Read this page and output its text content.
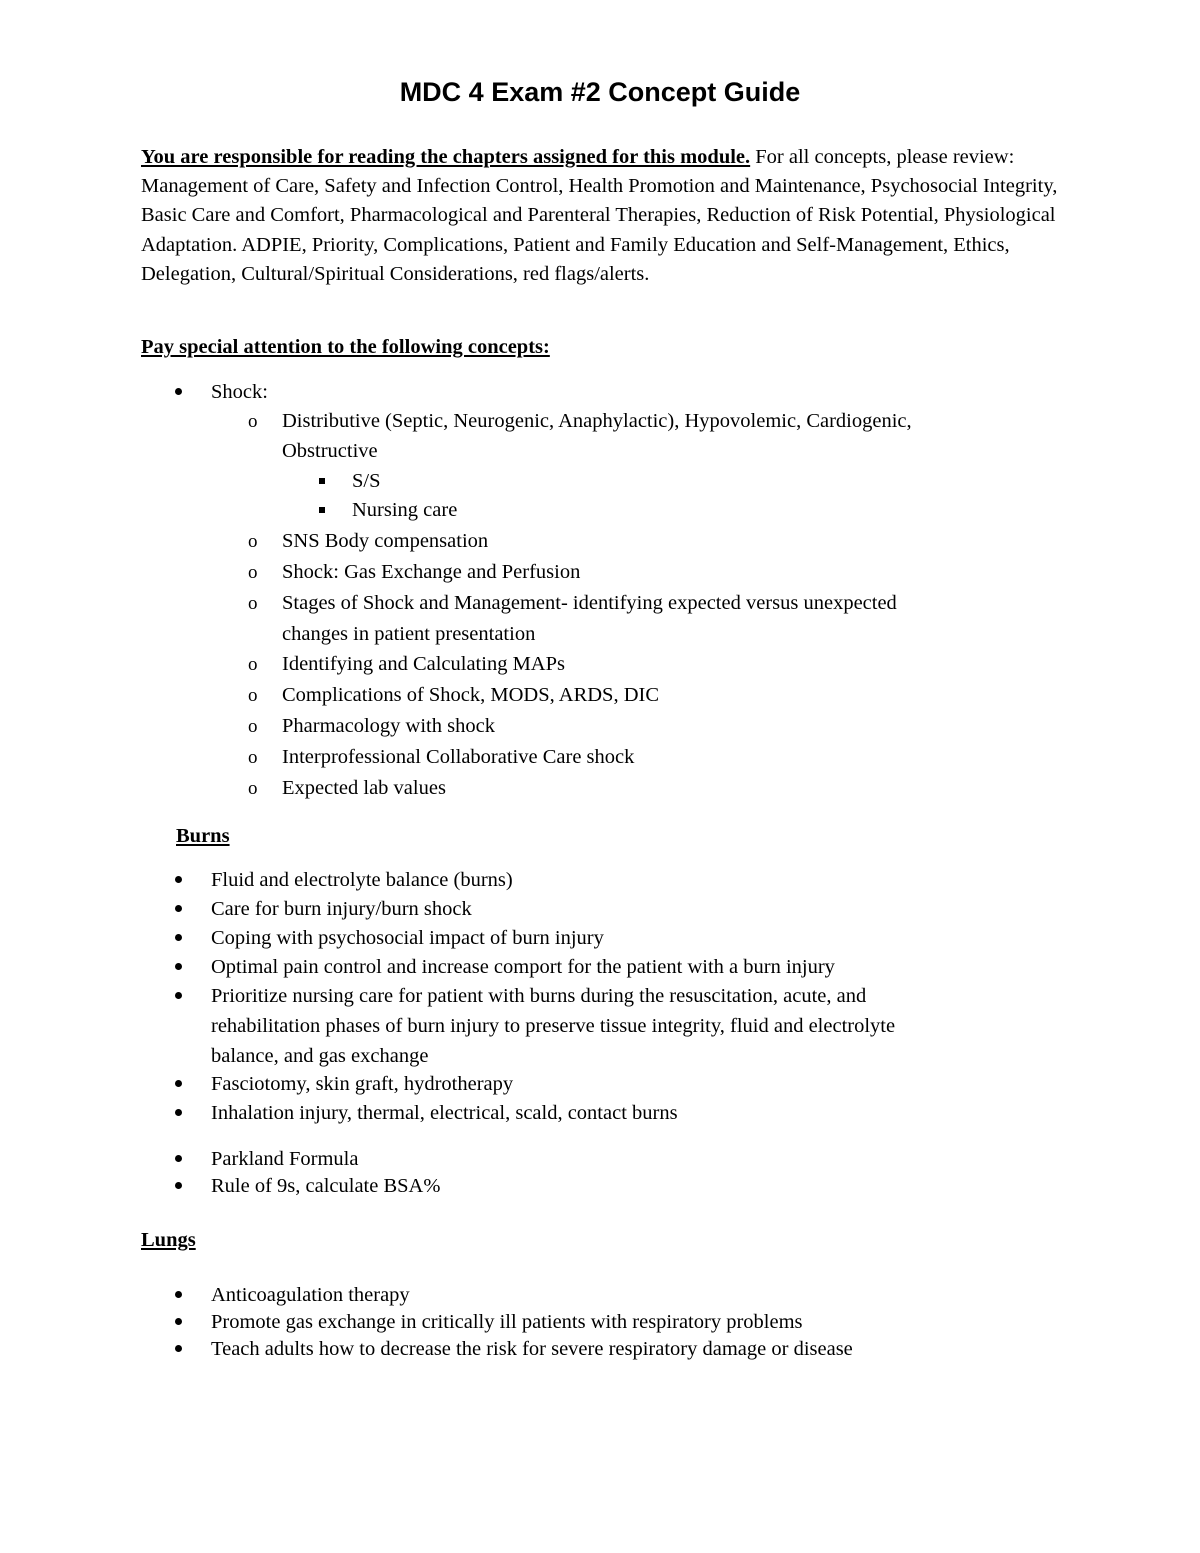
MDC 4 Exam #2 Concept Guide
You are responsible for reading the chapters assigned for this module. For all concepts, please review: Management of Care, Safety and Infection Control, Health Promotion and Maintenance, Psychosocial Integrity, Basic Care and Comfort, Pharmacological and Parenteral Therapies, Reduction of Risk Potential, Physiological Adaptation. ADPIE, Priority, Complications, Patient and Family Education and Self-Management, Ethics, Delegation, Cultural/Spiritual Considerations, red flags/alerts.
Pay special attention to the following concepts:
Shock:
o Distributive (Septic, Neurogenic, Anaphylactic), Hypovolemic, Cardiogenic,
Obstructive
S/S
Nursing care
o SNS Body compensation
o Shock: Gas Exchange and Perfusion
o Stages of Shock and Management- identifying expected versus unexpected
changes in patient presentation
o Identifying and Calculating MAPs
o Complications of Shock, MODS, ARDS, DIC
o Pharmacology with shock
o Interprofessional Collaborative Care shock
o Expected lab values
Burns
Fluid and electrolyte balance (burns)
Care for burn injury/burn shock
Coping with psychosocial impact of burn injury
Optimal pain control and increase comport for the patient with a burn injury
Prioritize nursing care for patient with burns during the resuscitation, acute, and
rehabilitation phases of burn injury to preserve tissue integrity, fluid and electrolyte
balance, and gas exchange
Fasciotomy, skin graft, hydrotherapy
Inhalation injury, thermal, electrical, scald, contact burns
Parkland Formula
Rule of 9s, calculate BSA%
Lungs
Anticoagulation therapy
Promote gas exchange in critically ill patients with respiratory problems
Teach adults how to decrease the risk for severe respiratory damage or disease
